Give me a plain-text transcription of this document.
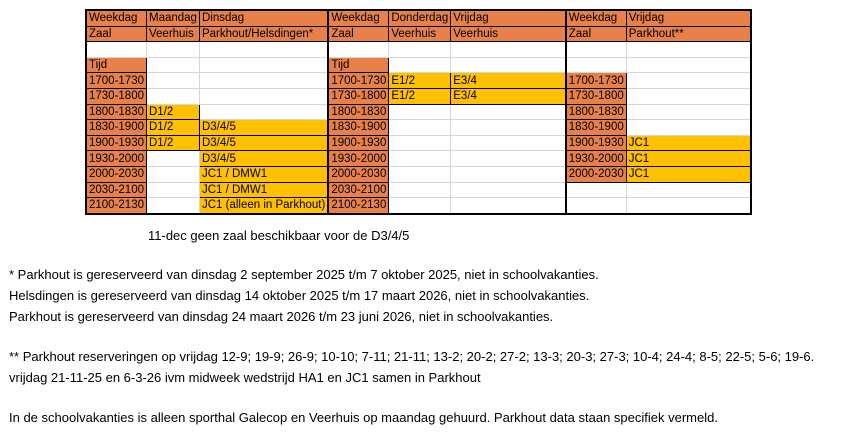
Weekdag	Maandag	Dinsdag	Weekdag	Donderdag	Vrijdag	Weekdag	Vrijdag
Zaal	Veerhuis	Parkhout/Helsdingen*	Zaal	Veerhuis	Veerhuis	Zaal	Parkhout**

Tijd			Tijd				
1700-1730			1700-1730	E1/2	E3/4	1700-1730	
1730-1800			1730-1800	E1/2	E3/4	1730-1800	
1800-1830	D1/2		1800-1830			1800-1830	
1830-1900	D1/2	D3/4/5	1830-1900			1830-1900	
1900-1930	D1/2	D3/4/5	1900-1930			1900-1930	JC1
1930-2000		D3/4/5	1930-2000			1930-2000	JC1
2000-2030		JC1 / DMW1	2000-2030			2000-2030	JC1
2030-2100		JC1 / DMW1	2030-2100				
2100-2130		JC1 (alleen in Parkhout)	2100-2130				
11-dec geen zaal beschikbaar voor de D3/4/5
* Parkhout is gereserveerd van dinsdag 2 september 2025 t/m 7 oktober 2025, niet in schoolvakanties.
Helsdingen is gereserveerd van dinsdag 14 oktober 2025 t/m 17 maart 2026, niet in schoolvakanties.
Parkhout is gereserveerd van dinsdag 24 maart 2026 t/m 23 juni 2026, niet in schoolvakanties.
** Parkhout reserveringen op vrijdag 12-9; 19-9; 26-9; 10-10; 7-11; 21-11; 13-2; 20-2; 27-2; 13-3; 20-3; 27-3; 10-4; 24-4; 8-5; 22-5; 5-6; 19-6.
vrijdag 21-11-25 en 6-3-26 ivm midweek wedstrijd HA1 en JC1 samen in Parkhout
In de schoolvakanties is alleen sporthal Galecop en Veerhuis op maandag gehuurd. Parkhout data staan specifiek vermeld.
